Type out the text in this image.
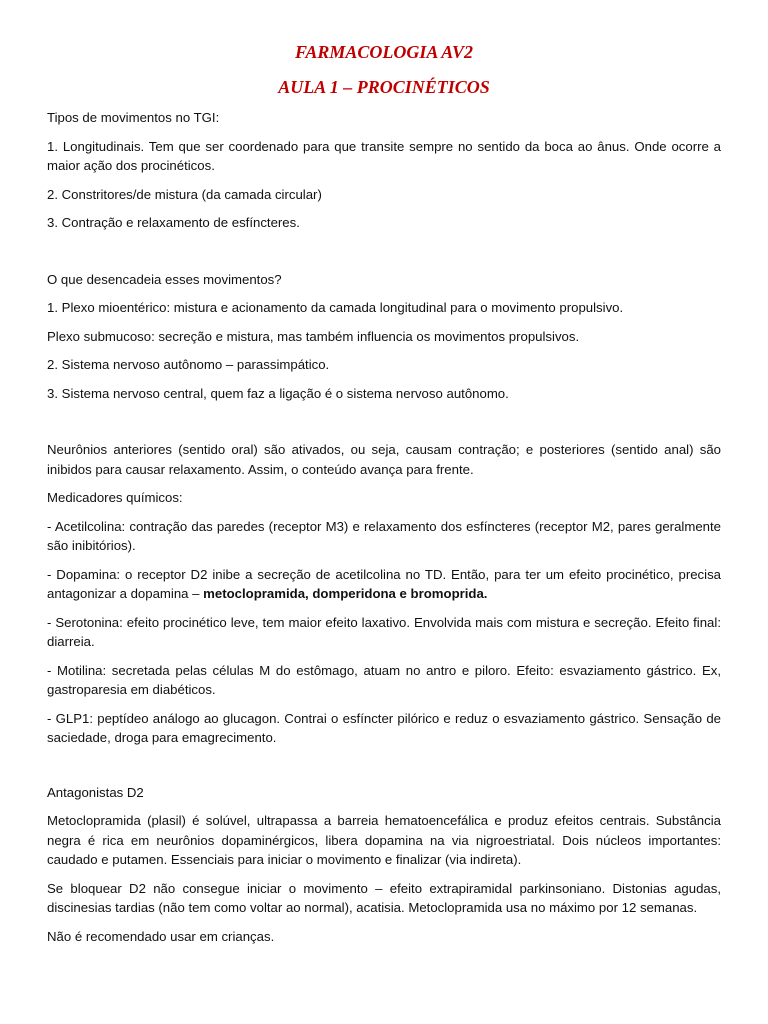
FARMACOLOGIA AV2
AULA 1 – PROCINÉTICOS

Tipos de movimentos no TGI:

1. Longitudinais. Tem que ser coordenado para que transite sempre no sentido da boca ao ânus. Onde ocorre a maior ação dos procinéticos.

2. Constritores/de mistura (da camada circular)

3. Contração e relaxamento de esfíncteres.

O que desencadeia esses movimentos?

1. Plexo mioentérico: mistura e acionamento da camada longitudinal para o movimento propulsivo.

Plexo submucoso: secreção e mistura, mas também influencia os movimentos propulsivos.

2. Sistema nervoso autônomo – parassimpático.

3. Sistema nervoso central, quem faz a ligação é o sistema nervoso autônomo.

Neurônios anteriores (sentido oral) são ativados, ou seja, causam contração; e posteriores (sentido anal) são inibidos para causar relaxamento. Assim, o conteúdo avança para frente.

Medicadores químicos:

- Acetilcolina: contração das paredes (receptor M3) e relaxamento dos esfíncteres (receptor M2, pares geralmente são inibitórios).

- Dopamina: o receptor D2 inibe a secreção de acetilcolina no TD. Então, para ter um efeito procinético, precisa antagonizar a dopamina – metoclopramida, domperidona e bromoprida.

- Serotonina: efeito procinético leve, tem maior efeito laxativo. Envolvida mais com mistura e secreção. Efeito final: diarreia.

- Motilina: secretada pelas células M do estômago, atuam no antro e piloro. Efeito: esvaziamento gástrico. Ex, gastroparesia em diabéticos.

- GLP1: peptídeo análogo ao glucagon. Contrai o esfíncter pilórico e reduz o esvaziamento gástrico. Sensação de saciedade, droga para emagrecimento.

Antagonistas D2

Metoclopramida (plasil) é solúvel, ultrapassa a barreia hematoencefálica e produz efeitos centrais. Substância negra é rica em neurônios dopaminérgicos, libera dopamina na via nigroestriatal. Dois núcleos importantes: caudado e putamen. Essenciais para iniciar o movimento e finalizar (via indireta).

Se bloquear D2 não consegue iniciar o movimento – efeito extrapiramidal parkinsoniano. Distonias agudas, discinesias tardias (não tem como voltar ao normal), acatisia. Metoclopramida usa no máximo por 12 semanas.

Não é recomendado usar em crianças.
